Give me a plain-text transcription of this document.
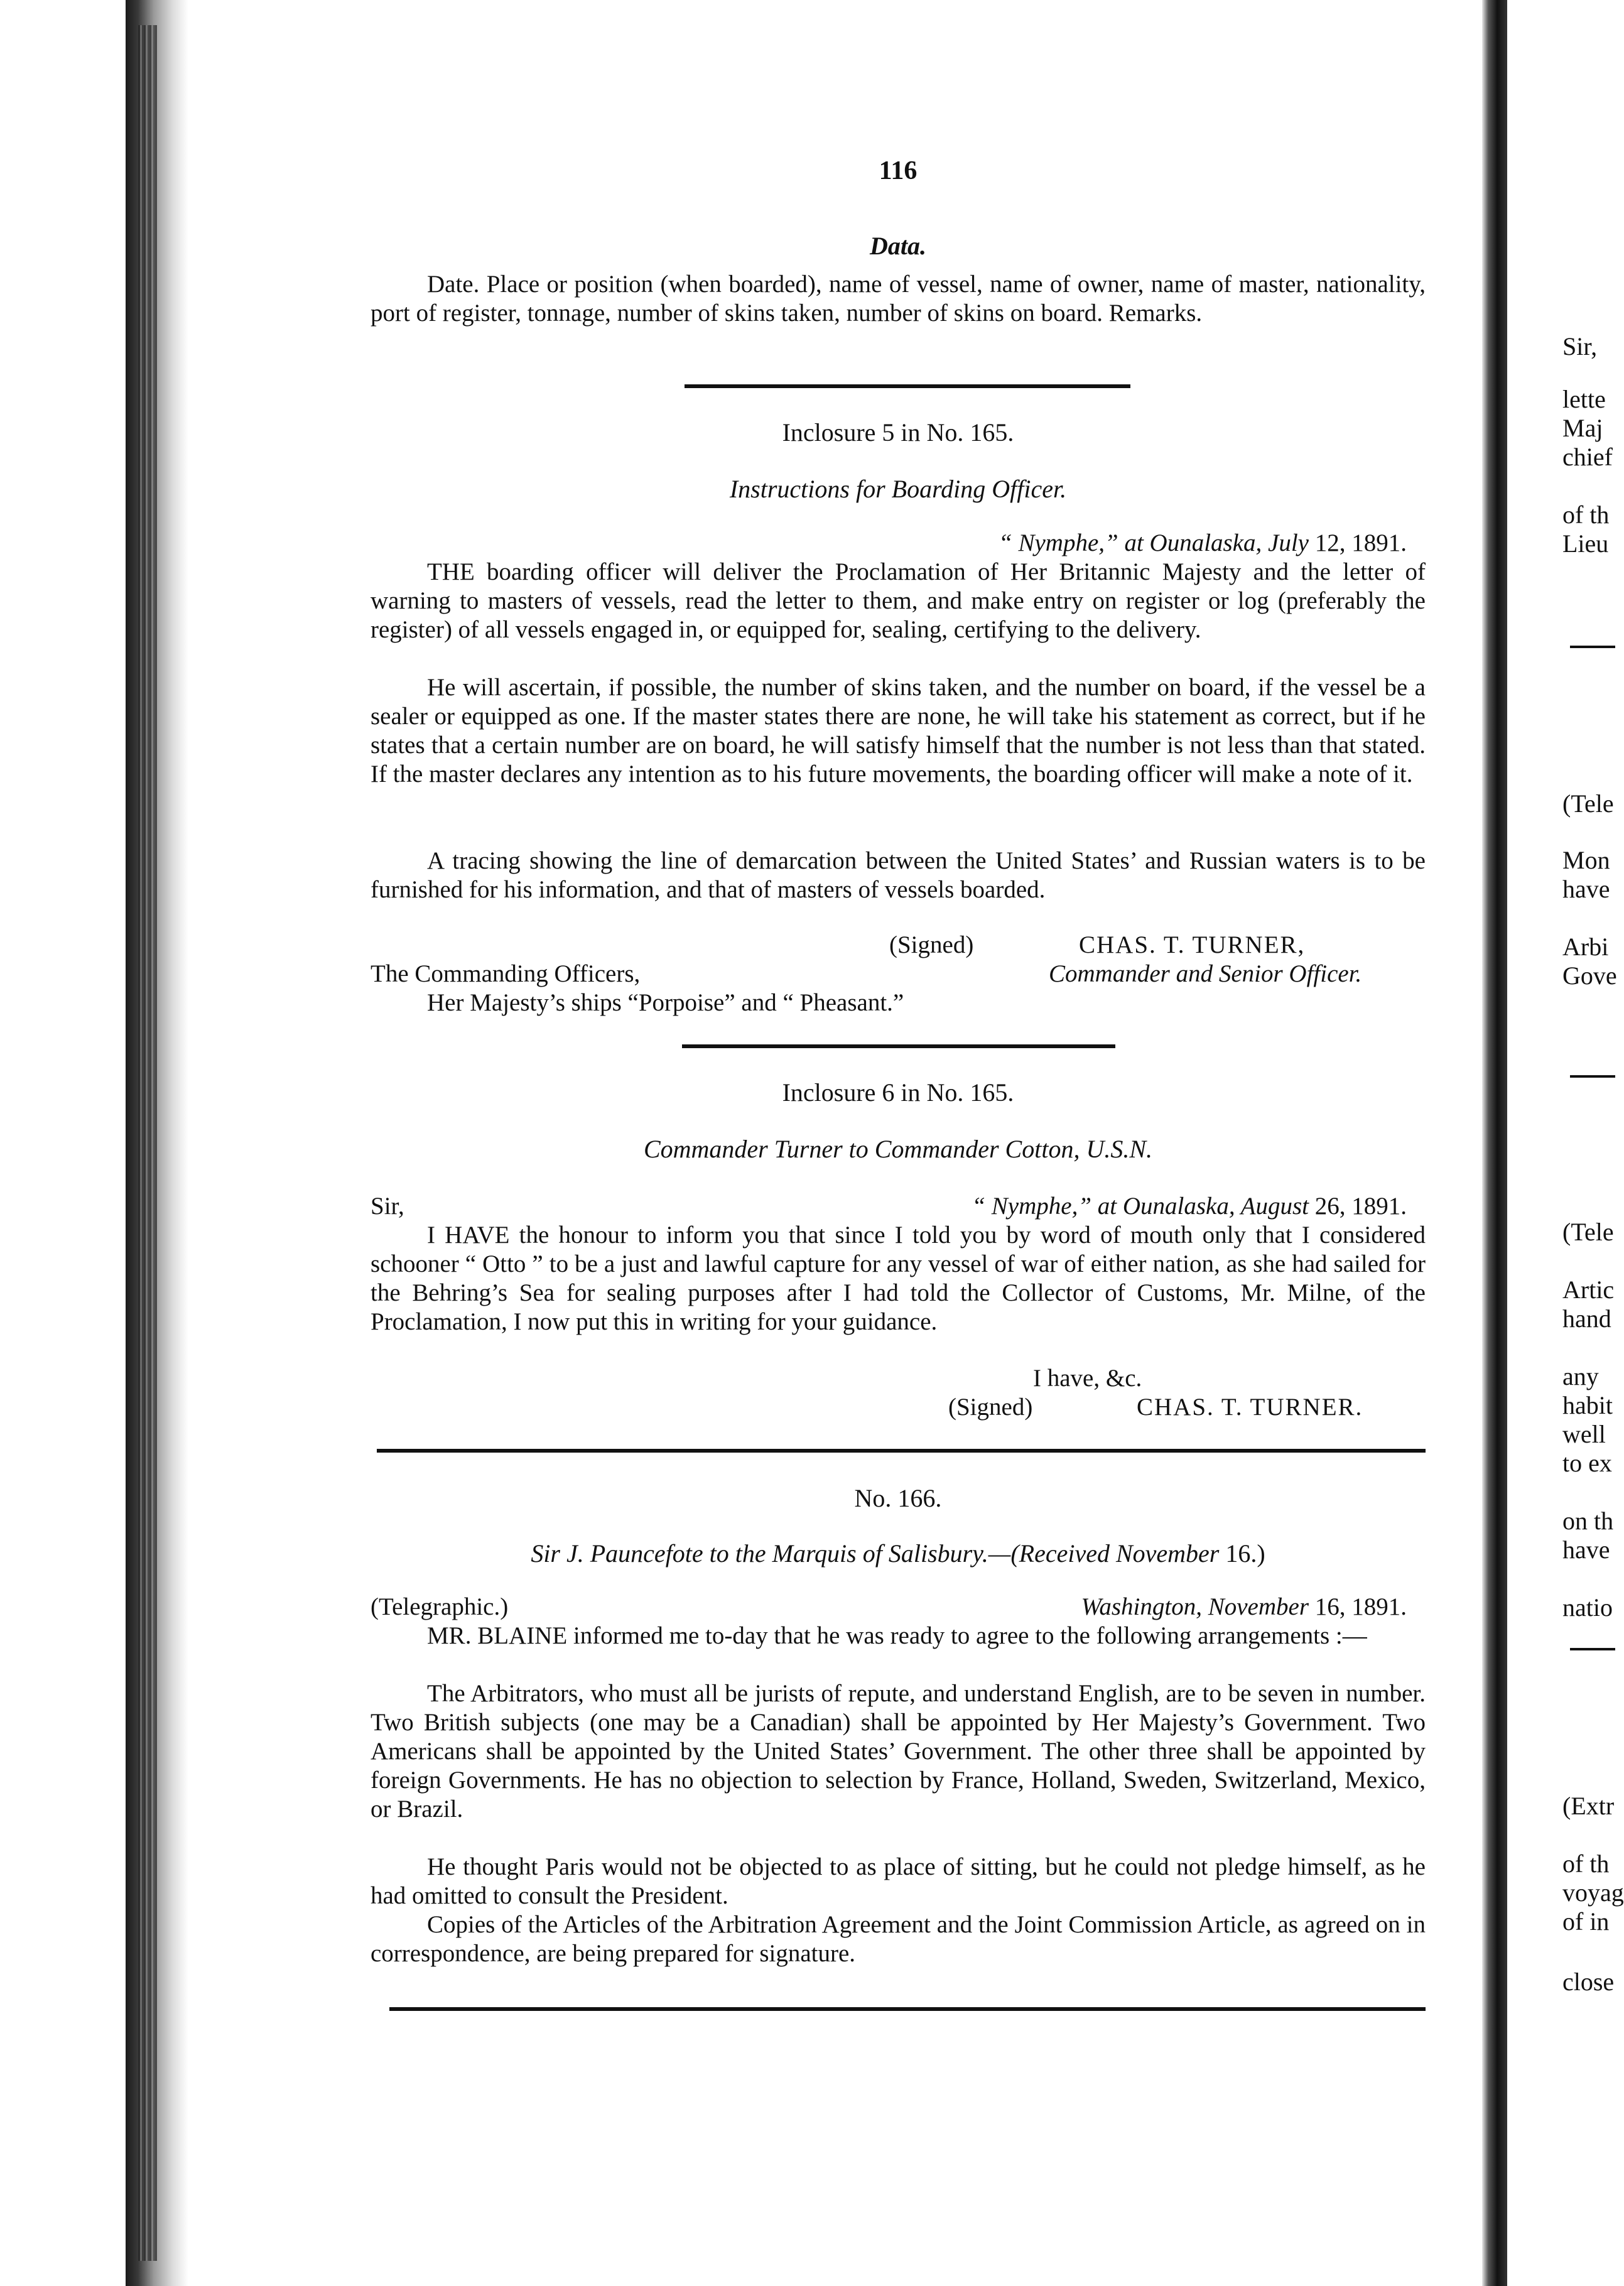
Sir,
lette
Maj
chief
of th
Lieu
(Tele
Mon
have
Arbi
Gove
(Tele
Artic
hand
any
habit
well
to ex
on th
have
natio
(Extr
of th
voyag
of in
close
116
Data.

Date. Place or position (when boarded), name of vessel, name of owner, name of master, nationality, port of register, tonnage, number of skins taken, number of skins on board. Remarks.

Inclosure 5 in No. 165.
Instructions for Boarding Officer.
“ Nymphe,” at Ounalaska, July 12, 1891.

THE boarding officer will deliver the Proclamation of Her Britannic Majesty and the letter of warning to masters of vessels, read the letter to them, and make entry on register or log (preferably the register) of all vessels engaged in, or equipped for, sealing, certifying to the delivery.

He will ascertain, if possible, the number of skins taken, and the number on board, if the vessel be a sealer or equipped as one. If the master states there are none, he will take his statement as correct, but if he states that a certain number are on board, he will satisfy himself that the number is not less than that stated. If the master declares any intention as to his future movements, the boarding officer will make a note of it.

A tracing showing the line of demarcation between the United States’ and Russian waters is to be furnished for his information, and that of masters of vessels boarded.

(Signed)	CHAS. T. TURNER,
The Commanding Officers,	Commander and Senior Officer.
Her Majesty’s ships “Porpoise” and “ Pheasant.”
Inclosure 6 in No. 165.
Commander Turner to Commander Cotton, U.S.N.
Sir,	“ Nymphe,” at Ounalaska, August 26, 1891.

I HAVE the honour to inform you that since I told you by word of mouth only that I considered schooner “ Otto ” to be a just and lawful capture for any vessel of war of either nation, as she had sailed for the Behring’s Sea for sealing purposes after I had told the Collector of Customs, Mr. Milne, of the Proclamation, I now put this in writing for your guidance.

I have, &c.
(Signed)	CHAS. T. TURNER.
No. 166.
Sir J. Pauncefote to the Marquis of Salisbury.—(Received November 16.)
(Telegraphic.)	Washington, November 16, 1891.

MR. BLAINE informed me to-day that he was ready to agree to the following arrangements :—

The Arbitrators, who must all be jurists of repute, and understand English, are to be seven in number. Two British subjects (one may be a Canadian) shall be appointed by Her Majesty’s Government. Two Americans shall be appointed by the United States’ Government. The other three shall be appointed by foreign Governments. He has no objection to selection by France, Holland, Sweden, Switzerland, Mexico, or Brazil.

He thought Paris would not be objected to as place of sitting, but he could not pledge himself, as he had omitted to consult the President.

Copies of the Articles of the Arbitration Agreement and the Joint Commission Article, as agreed on in correspondence, are being prepared for signature.
